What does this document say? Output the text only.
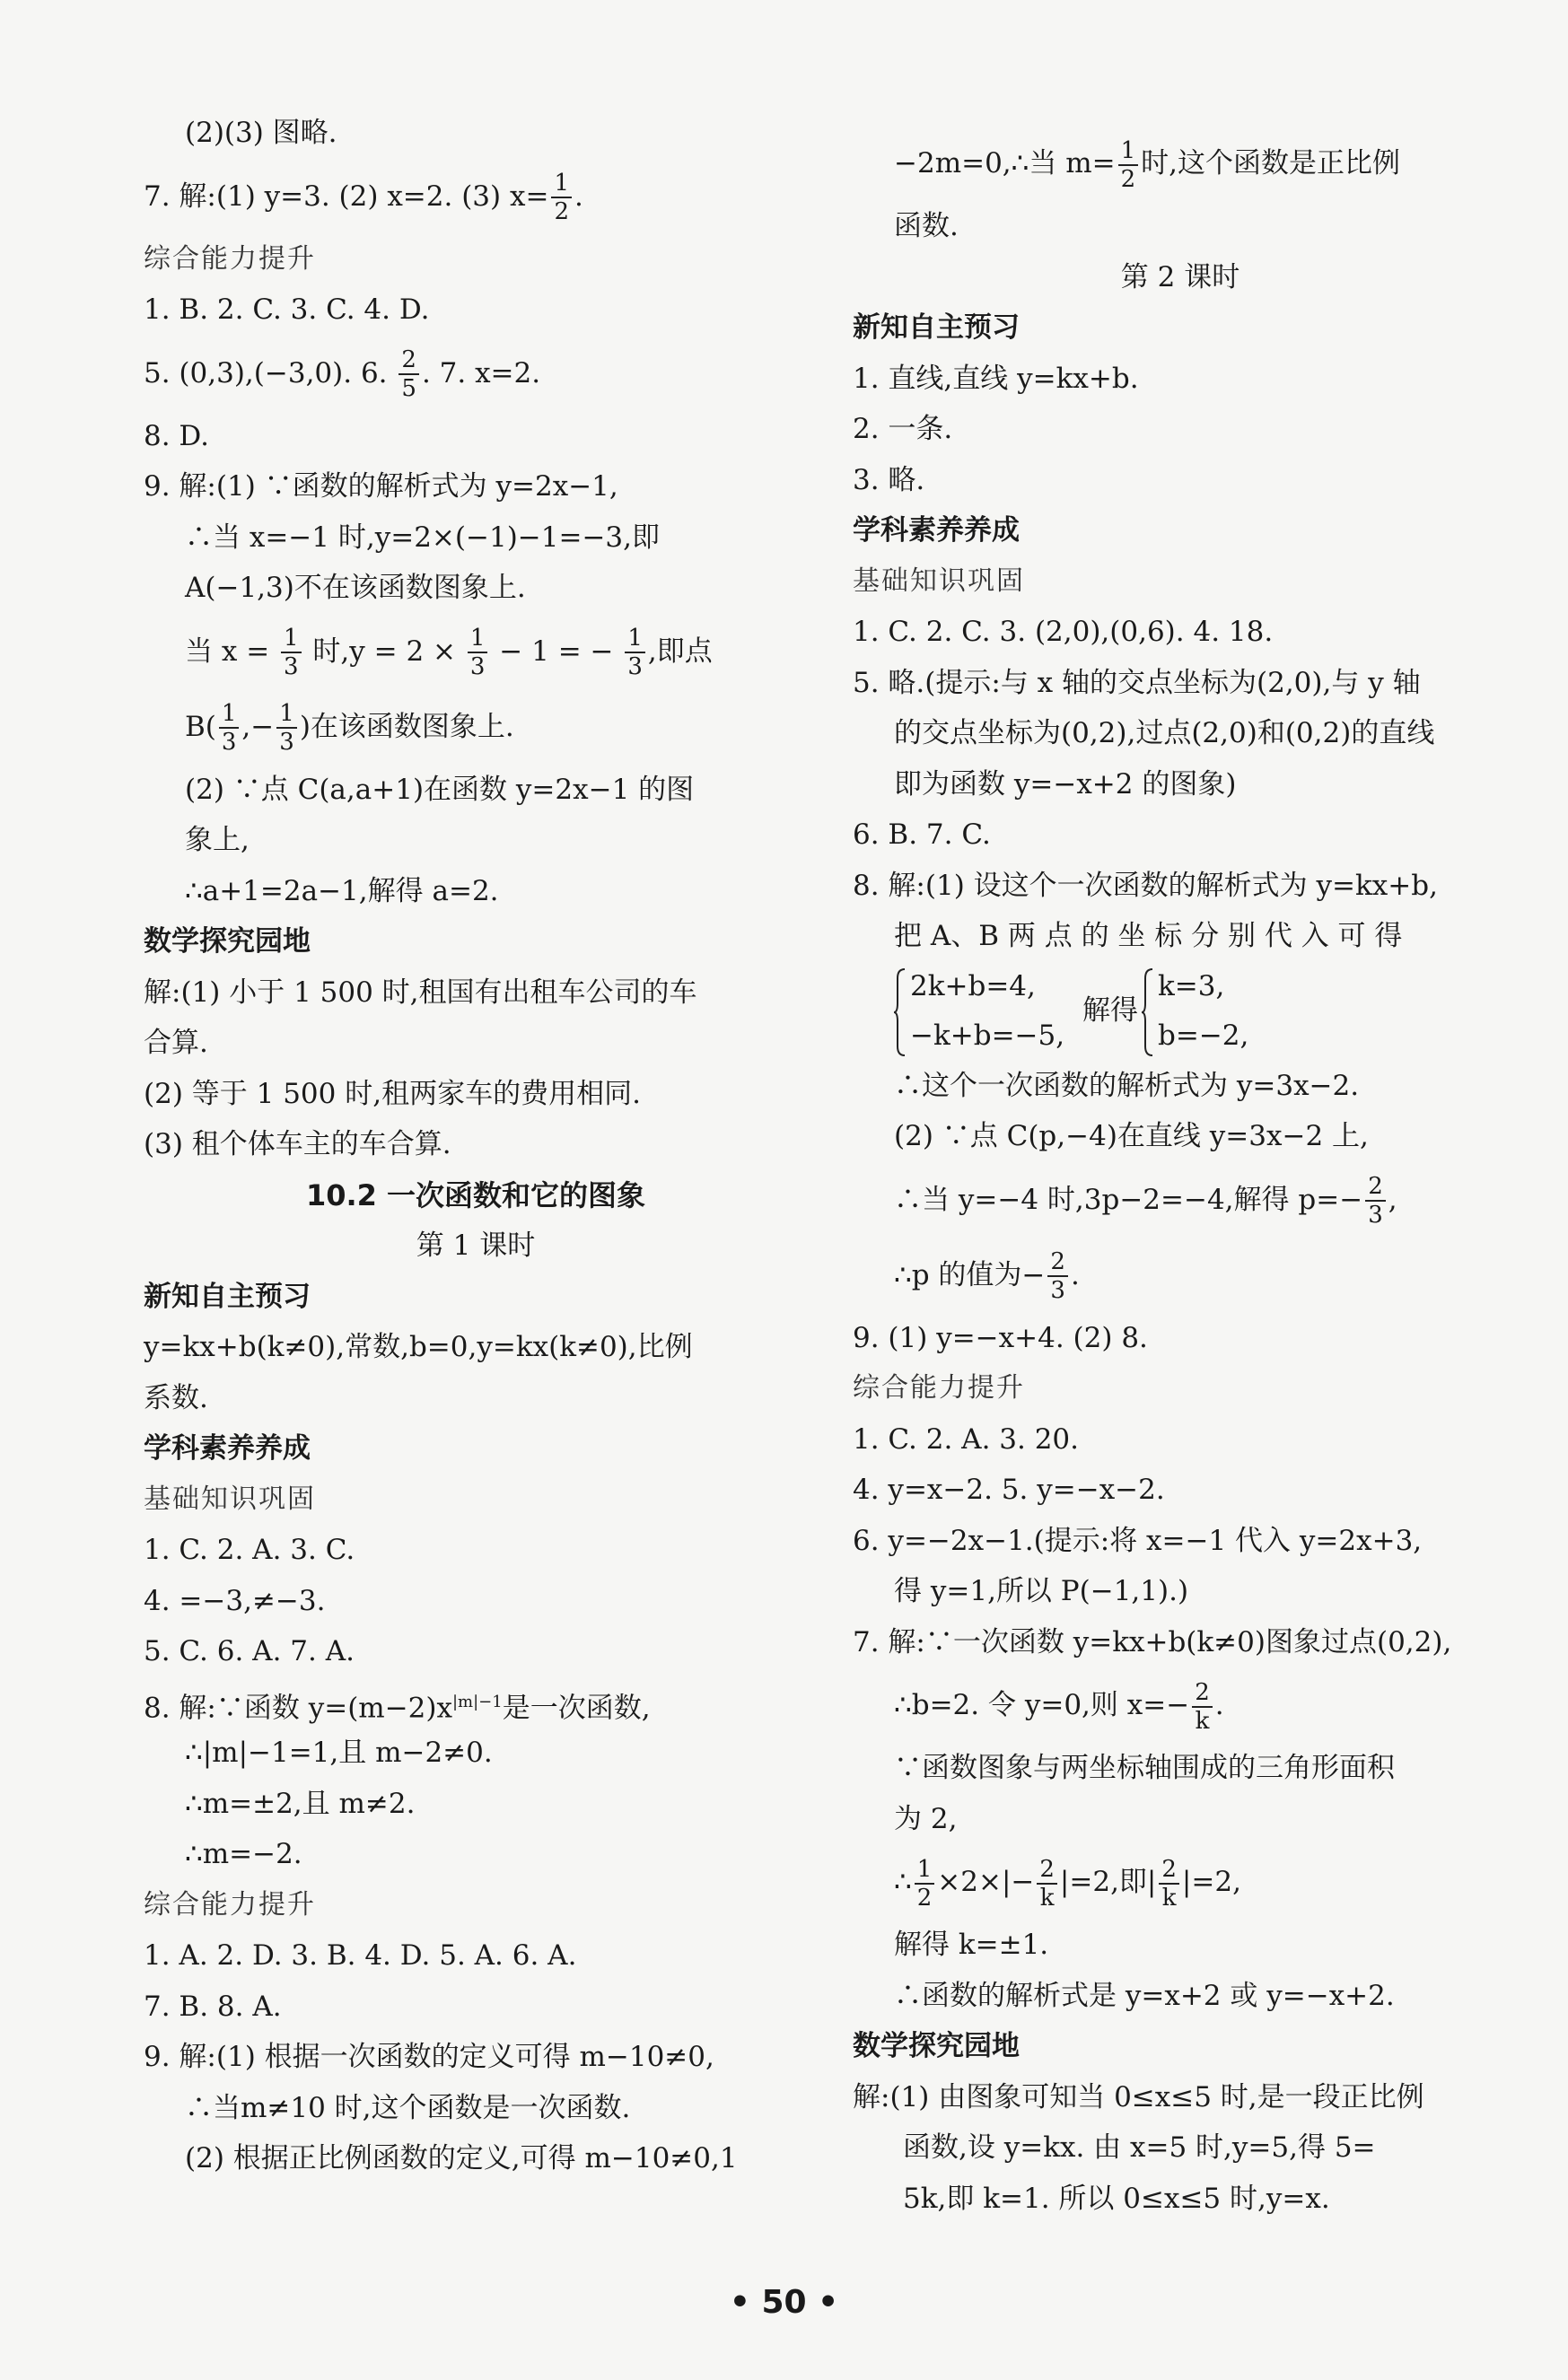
(2)(3) 图略.
7. 解:(1) y=3. (2) x=2. (3) $x= \frac{1}{2}$ .
综合能力提升
1. B. 2. C. 3. C. 4. D.
5. (0,3),(−3,0). 6. $\frac{2}{5}$ . 7. x=2.
8. D.
9. 解:(1) ∵函数的解析式为 y=2x−1,
∴当 x=−1 时,y=2×(−1)−1=−3,即
A(−1,3)不在该函数图象上.
当 $x = \frac{1}{3}$ 时$,y = 2 \times \frac{1}{3} - 1$ = − $\frac{1}{3}$ ,即点
$B( \frac{1}{3}$ ,− $\frac{1}{3}$ )在该函数图象上.
(2) ∵点 C(a,a+1)在函数 y=2x−1 的图
象上,
∴a+1=2a−1,解得 a=2.
数学探究园地
解:(1) 小于 1 500 时,租国有出租车公司的车
合算.
(2) 等于 1 500 时,租两家车的费用相同.
(3) 租个体车主的车合算.
10.2 一次函数和它的图象
第 1 课时
新知自主预习
y=kx+b(k≠0),常数,b=0,y=kx(k≠0),比例
系数.
学科素养养成
基础知识巩固
1. C. 2. A. 3. C.
4. =−3,≠−3.
5. C. 6. A. 7. A.
8. 解:∵函数 $y=(m-2)x^{|m|-1}$是一次函数,
∴|m|−1=1,且 m−2≠0.
∴m=±2,且 m≠2.
∴m=−2.
综合能力提升
1. A. 2. D. 3. B. 4. D. 5. A. 6. A.
7. B. 8. A.
9. 解:(1) 根据一次函数的定义可得 m−10≠0,
∴当m≠10 时,这个函数是一次函数.
(2) 根据正比例函数的定义,可得 m−10≠0,1
−2m=0,∴当 $m= \frac{1}{2}$ 时,这个函数是正比例
函数.
第 2 课时
新知自主预习
1. 直线,直线 y=kx+b.
2. 一条.
3. 略.
学科素养养成
基础知识巩固
1. C. 2. C. 3. (2,0),(0,6). 4. 18.
5. 略.(提示:与 x 轴的交点坐标为(2,0),与 y 轴
的交点坐标为(0,2),过点(2,0)和(0,2)的直线
即为函数 y=−x+2 的图象)
6. B. 7. C.
8. 解:(1) 设这个一次函数的解析式为 y=kx+b,
把 A、B 两 点 的 坐 标 分 别 代 入 可 得
2k+b=4,
−k+b=−5,
解得
k=3,
b=−2,
∴这个一次函数的解析式为 y=3x−2.
(2) ∵点 C(p,−4)在直线 y=3x−2 上,
∴当 y=−4 时,3p−2=−4,解得 $p=- \frac{2}{3}$ ,
∴p 的值为− $\frac{2}{3}$ .
9. (1) y=−x+4. (2) 8.
综合能力提升
1. C. 2. A. 3. 20.
4. y=x−2. 5. y=−x−2.
6. y=−2x−1.(提示:将 x=−1 代入 y=2x+3,
得 y=1,所以 P(−1,1).)
7. 解:∵一次函数 y=kx+b(k≠0)图象过点(0,2),
∴b=2. 令 y=0,则 $x=- \frac{2}{k}$ .
∵函数图象与两坐标轴围成的三角形面积
为 2,
∴ $\frac{1}{2} \times 2\times|- \frac{2}{k} |=2$,即| $\frac{2}{k} |=2$,
解得 k=±1.
∴函数的解析式是 y=x+2 或 y=−x+2.
数学探究园地
解:(1) 由图象可知当 0≤x≤5 时,是一段正比例
函数,设 y=kx. 由 x=5 时,y=5,得 5=
5k,即 k=1. 所以 0≤x≤5 时,y=x.
• 50 •
